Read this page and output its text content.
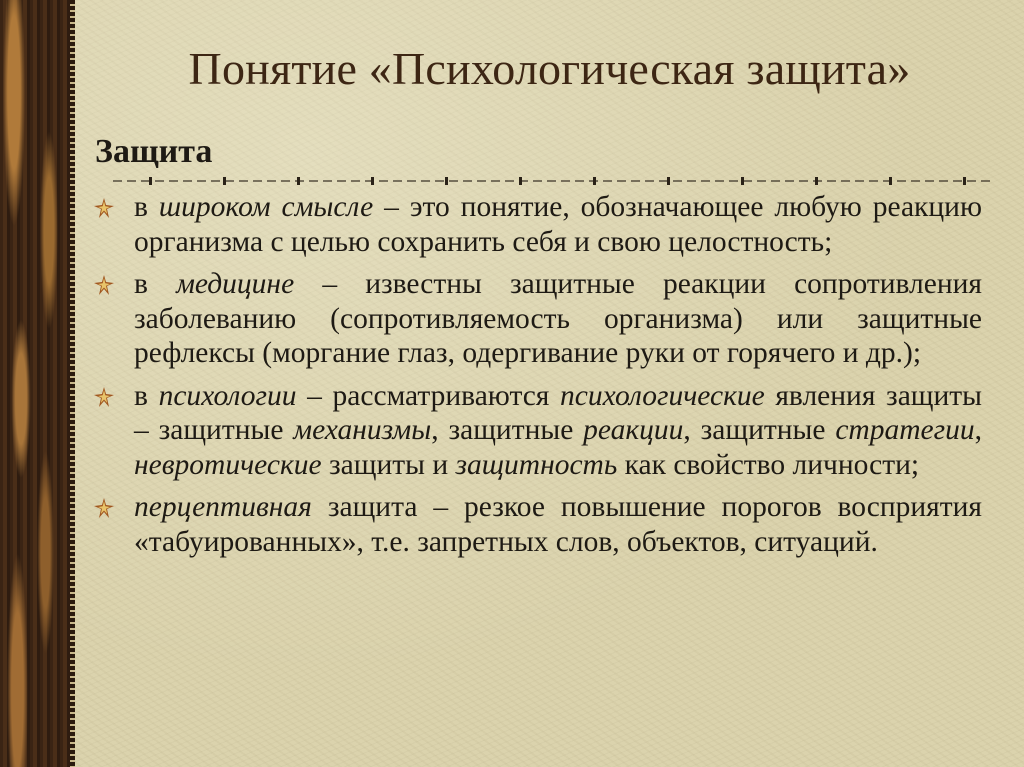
Понятие «Психологическая защита»
Защита
в широком смысле – это понятие, обозначающее любую реакцию организма с целью сохранить себя и свою целостность;
в медицине – известны защитные реакции сопротивления заболеванию (сопротивляемость организма) или защитные рефлексы (моргание глаз, одергивание руки от горячего и др.);
в психологии – рассматриваются психологические явления защиты – защитные механизмы, защитные реакции, защитные стратегии, невротические защиты и защитность как свойство личности;
перцептивная защита – резкое повышение порогов восприятия «табуированных», т.е. запретных слов, объектов, ситуаций.
